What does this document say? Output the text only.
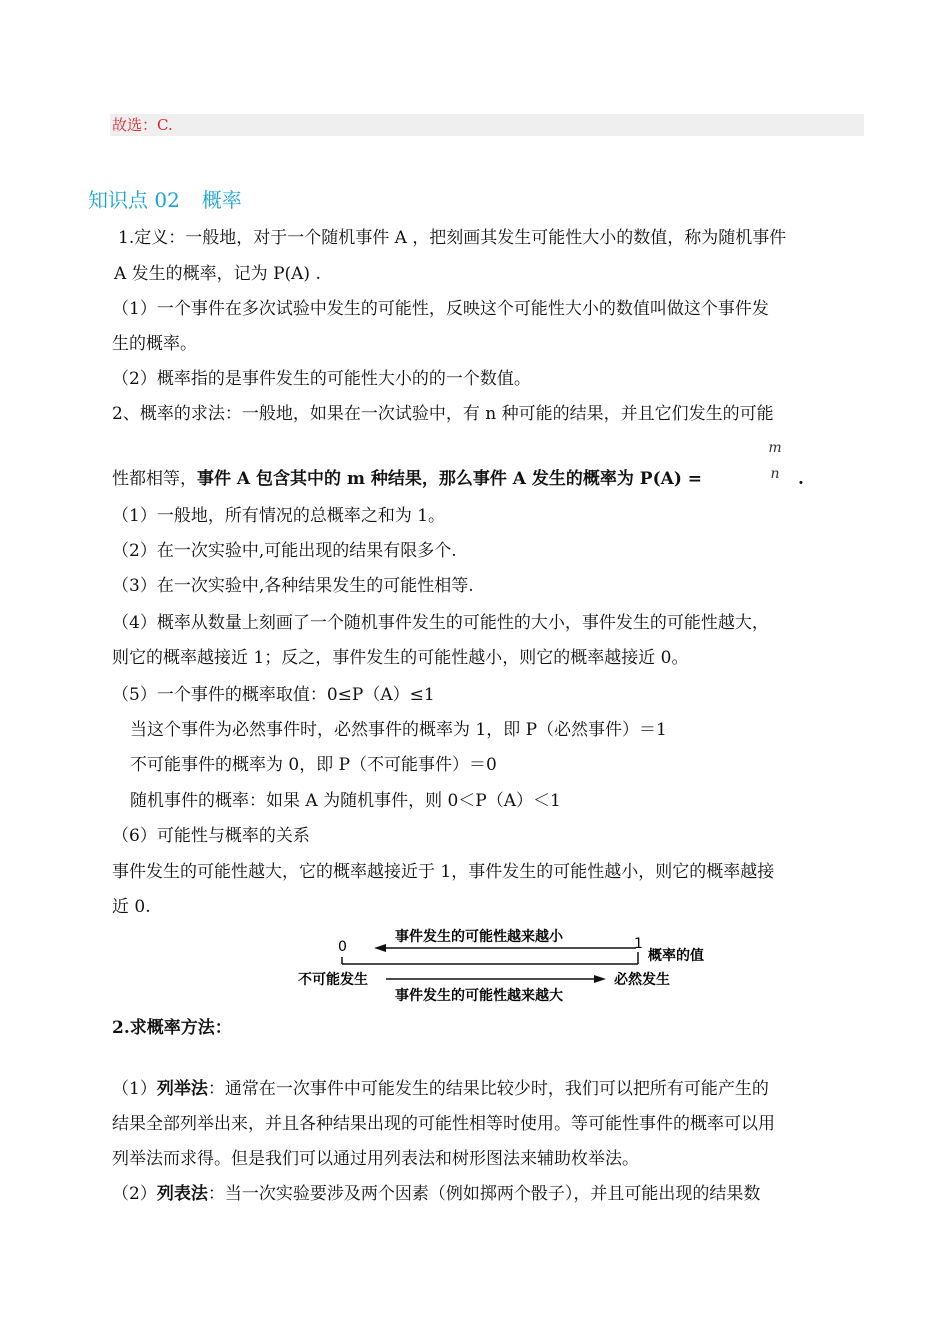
故选：C.
知识点 02 概率
1.定义：一般地，对于一个随机事件 A ，把刻画其发生可能性大小的数值，称为随机事件
A 发生的概率，记为 P(A) .
（1）一个事件在多次试验中发生的可能性，反映这个可能性大小的数值叫做这个事件发
生的概率。
（2）概率指的是事件发生的可能性大小的的一个数值。
2、概率的求法：一般地，如果在一次试验中，有 n 种可能的结果，并且它们发生的可能
性都相等，事件 A 包含其中的 m 种结果，那么事件 A 发生的概率为 P(A) =
m
n	.
（1）一般地，所有情况的总概率之和为 1。
（2）在一次实验中,可能出现的结果有限多个.
（3）在一次实验中,各种结果发生的可能性相等.
（4）概率从数量上刻画了一个随机事件发生的可能性的大小，事件发生的可能性越大，
则它的概率越接近 1；反之，事件发生的可能性越小，则它的概率越接近 0。
（5）一个事件的概率取值：0≤P（A）≤1
当这个事件为必然事件时，必然事件的概率为 1，即 P（必然事件）＝1
不可能事件的概率为 0，即 P（不可能事件）＝0
随机事件的概率：如果 A 为随机事件，则 0＜P（A）＜1
（6）可能性与概率的关系
事件发生的可能性越大，它的概率越接近于 1，事件发生的可能性越小，则它的概率越接
近 0.
0	1
事件发生的可能性越来越小
概率的值
不可能发生	必然发生
事件发生的可能性越来越大
2.求概率方法：
（1）列举法：通常在一次事件中可能发生的结果比较少时，我们可以把所有可能产生的
结果全部列举出来，并且各种结果出现的可能性相等时使用。等可能性事件的概率可以用
列举法而求得。但是我们可以通过用列表法和树形图法来辅助枚举法。
（2）列表法：当一次实验要涉及两个因素（例如掷两个骰子），并且可能出现的结果数
